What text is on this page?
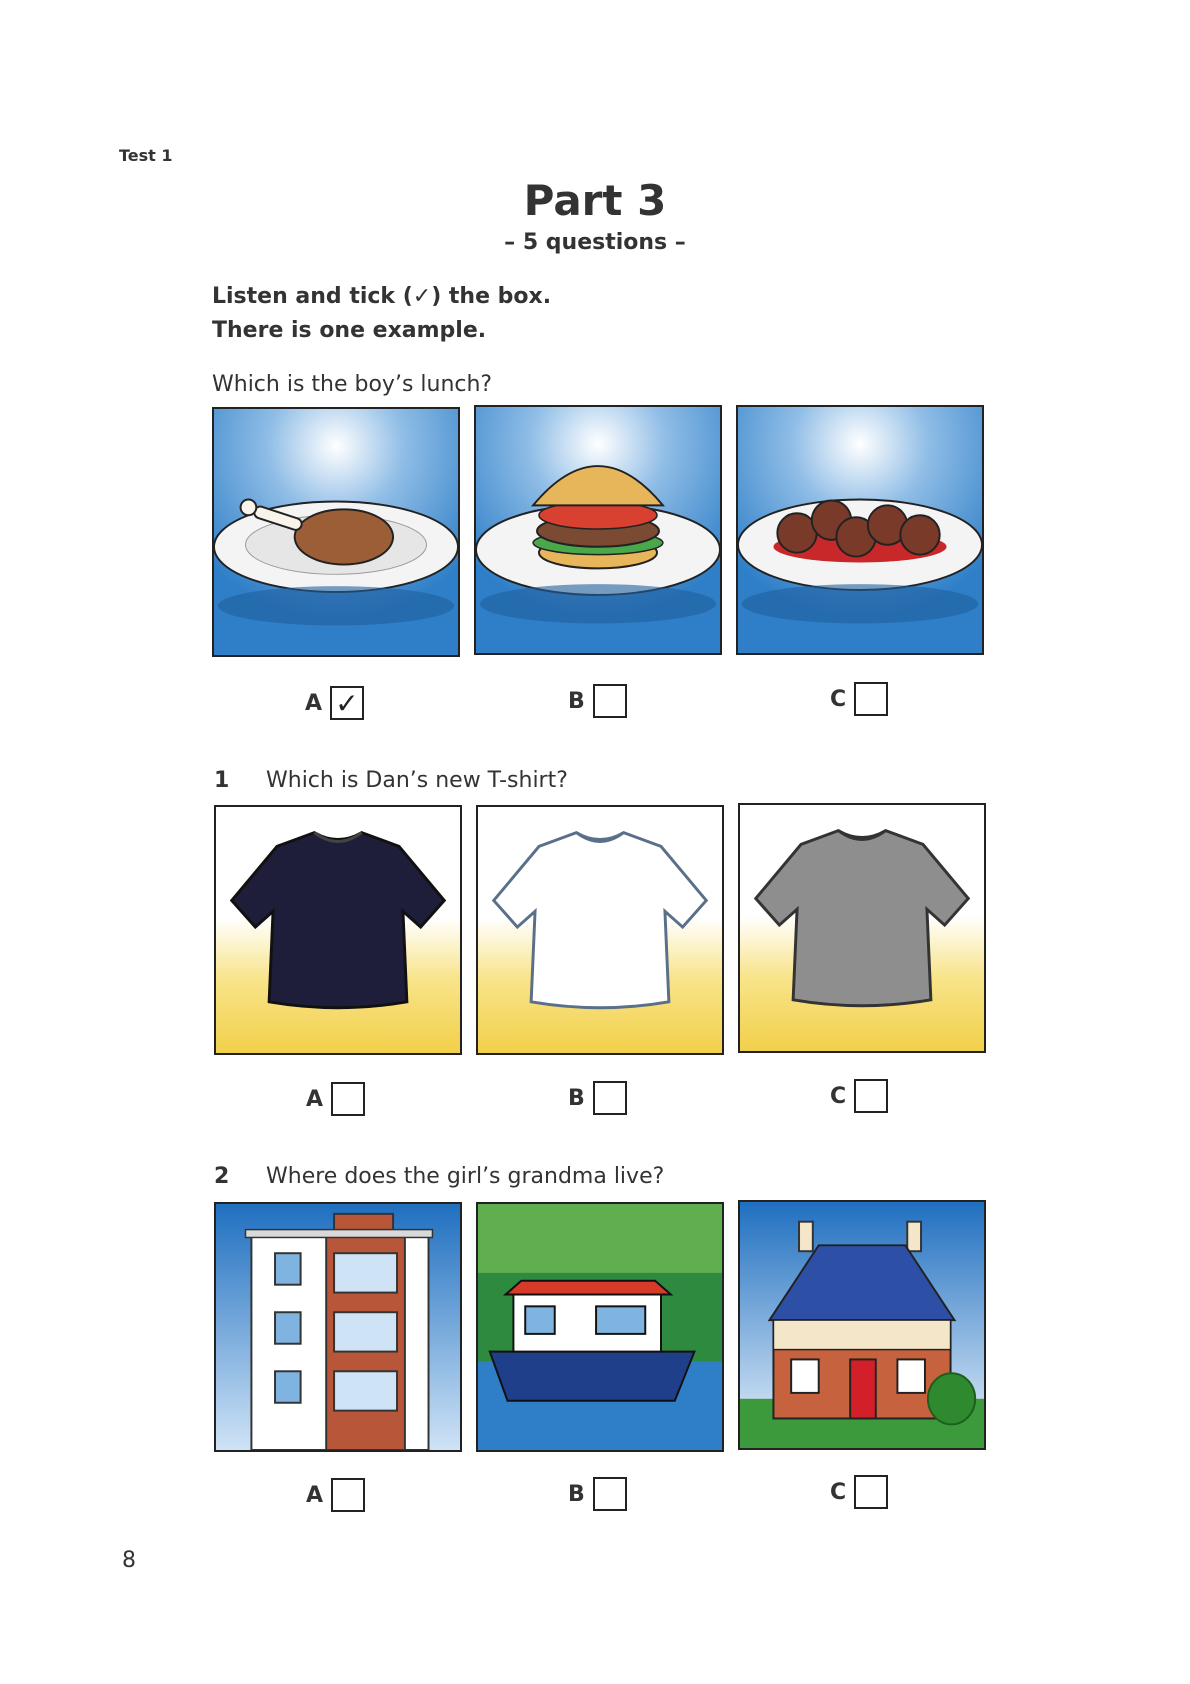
Test 1
Part 3
– 5 questions –
Listen and tick (✓) the box.
There is one example.
Which is the boy’s lunch?
A ✓	B	C
1 Which is Dan’s new T-shirt?
A	B	C
2 Where does the girl’s grandma live?
A	B	C
8
